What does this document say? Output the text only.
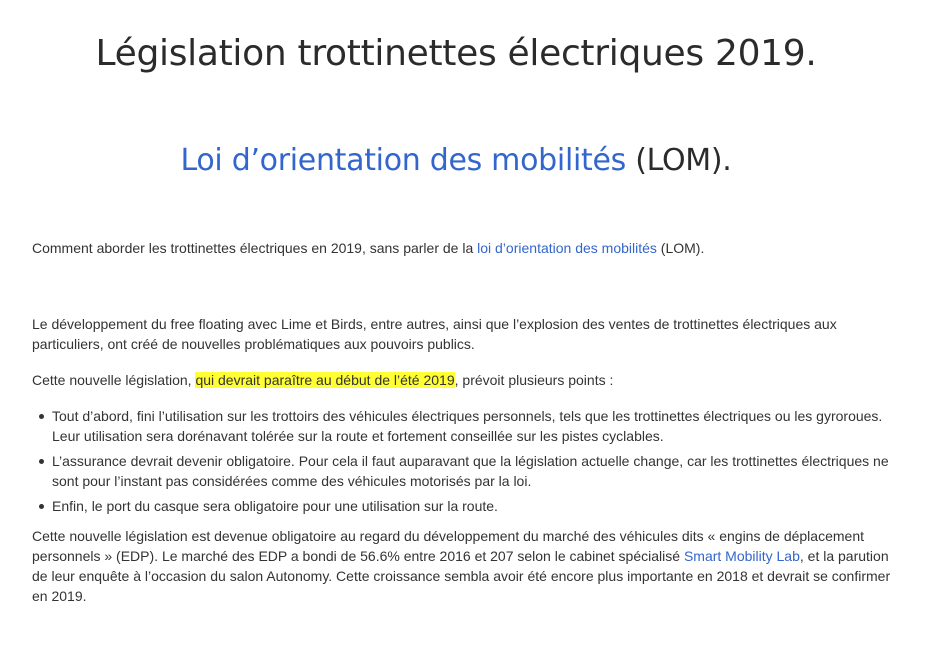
Législation trottinettes électriques 2019.
Loi d’orientation des mobilités (LOM).

Comment aborder les trottinettes électriques en 2019, sans parler de la loi d’orientation des mobilités (LOM).

Le développement du free floating avec Lime et Birds, entre autres, ainsi que l’explosion des ventes de trottinettes électriques aux particuliers, ont créé de nouvelles problématiques aux pouvoirs publics.

Cette nouvelle législation, qui devrait paraître au début de l’été 2019, prévoit plusieurs points :

Tout d’abord, fini l’utilisation sur les trottoirs des véhicules électriques personnels, tels que les trottinettes électriques ou les gyroroues. Leur utilisation sera dorénavant tolérée sur la route et fortement conseillée sur les pistes cyclables.
L’assurance devrait devenir obligatoire. Pour cela il faut auparavant que la législation actuelle change, car les trottinettes électriques ne sont pour l’instant pas considérées comme des véhicules motorisés par la loi.
Enfin, le port du casque sera obligatoire pour une utilisation sur la route.

Cette nouvelle législation est devenue obligatoire au regard du développement du marché des véhicules dits « engins de déplacement personnels » (EDP). Le marché des EDP a bondi de 56.6% entre 2016 et 207 selon le cabinet spécialisé Smart Mobility Lab, et la parution de leur enquête à l’occasion du salon Autonomy. Cette croissance sembla avoir été encore plus importante en 2018 et devrait se confirmer en 2019.
